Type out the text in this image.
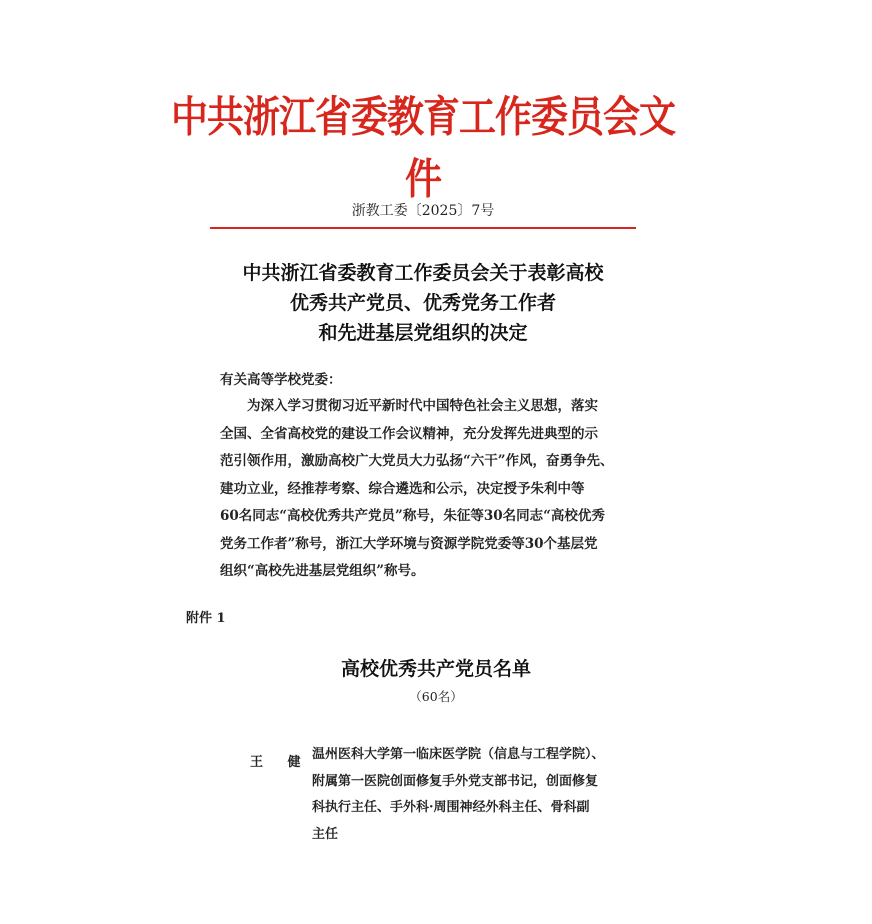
中共浙江省委教育工作委员会文件
浙教工委〔2025〕7号
中共浙江省委教育工作委员会关于表彰高校
优秀共产党员、优秀党务工作者
和先进基层党组织的决定
有关高等学校党委：
　　为深入学习贯彻习近平新时代中国特色社会主义思想，落实
全国、全省高校党的建设工作会议精神，充分发挥先进典型的示
范引领作用，激励高校广大党员大力弘扬“六干”作风，奋勇争先、
建功立业，经推荐考察、综合遴选和公示，决定授予朱利中等
60名同志“高校优秀共产党员”称号，朱征等30名同志“高校优秀
党务工作者”称号，浙江大学环境与资源学院党委等30个基层党
组织“高校先进基层党组织”称号。
附件 1
高校优秀共产党员名单
（60名）
王 健
温州医科大学第一临床医学院（信息与工程学院）、
附属第一医院创面修复手外党支部书记，创面修复
科执行主任、手外科·周围神经外科主任、骨科副
主任
